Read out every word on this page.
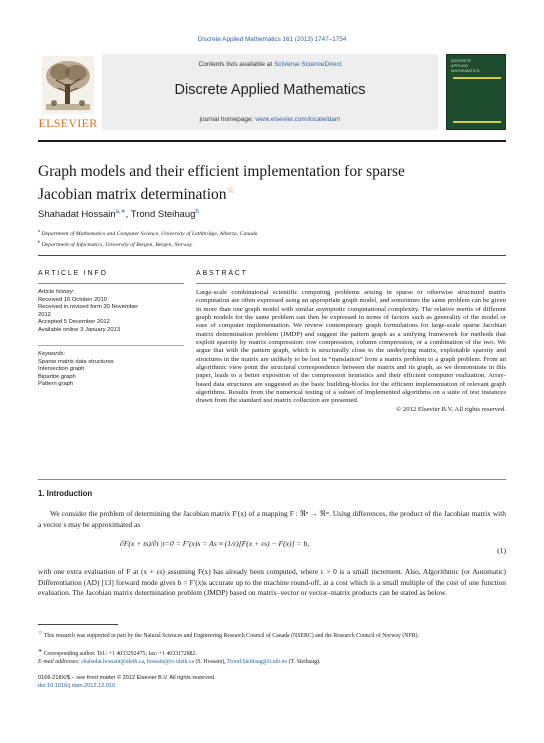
Discrete Applied Mathematics 161 (2013) 1747–1754
ELSEVIER
Contents lists available at SciVerse ScienceDirect
Discrete Applied Mathematics
journal homepage: www.elsevier.com/locate/dam
DISCRETE
APPLIED
MATHEMATICS
Graph models and their efficient implementation for sparse
Jacobian matrix determination☆
Shahadat Hossain$^{a,∗}$, Trond Steihaug$^b$
$^a$ Department of Mathematics and Computer Science, University of Lethbridge, Alberta, Canada
$^b$ Department of Informatics, University of Bergen, Bergen, Norway
ARTICLE INFO	ABSTRACT
Article history:
Received 16 October 2010
Received in revised form 30 November
2012
Accepted 5 December 2012
Available online 3 January 2013
Keywords:
Sparse matrix data structures
Intersection graph
Bipartite graph
Pattern graph
Large-scale combinatorial scientific computing problems arising in sparse or otherwise structured matrix computation are often expressed using an appropriate graph model, and sometimes the same problem can be given in more than one graph model with similar asymptotic computational complexity. The relative merits of different graph models for the same problem can then be expressed in terms of factors such as generality of the model or ease of computer implementation. We review contemporary graph formulations for large-scale sparse Jacobian matrix determination problem (JMDP) and suggest the pattern graph as a unifying framework for methods that exploit sparsity by matrix compression: row compression, column compression, or a combination of the two. We argue that with the pattern graph, which is structurally close to the underlying matrix, exploitable sparsity and structures in the matrix are unlikely to be lost in “translation” from a matrix problem to a graph problem. From an algorithmic view point the structural correspondence between the matrix and its graph, as we demonstrate in this paper, leads to a better exposition of the compression heuristics and their efficient computer realization. Array-based data structures are suggested as the basic building-blocks for the efficient implementation of relevant graph algorithms. Results from the numerical testing of a subset of implemented algorithms on a suite of test instances drawn from the standard test matrix collection are presented.
© 2012 Elsevier B.V. All rights reserved.
1. Introduction
We consider the problem of determining the Jacobian matrix F′(x) of a mapping F : ℜⁿ → ℜᵐ. Using differences, the product of the Jacobian matrix with a vector s may be approximated as
∂F(x + ts)/∂t |t=0 = F′(x)s = As ≈ (1/ε)[F(x + εs) − F(x)] = b,
(1)
with one extra evaluation of F at (x + εs) assuming F(x) has already been computed, where ε > 0 is a small increment. Also, Algorithmic (or Automatic) Differentiation (AD) [13] forward mode gives b = F′(x)s accurate up to the machine round-off, at a cost which is a small multiple of the cost of one function evaluation. The Jacobian matrix determination problem (JMDP) based on matrix–vector or vector–matrix products can be stated as below.
☆ This research was supported in part by the Natural Sciences and Engineering Research Council of Canada (NSERC) and the Research Council of Norway (NFR).
∗ Corresponding author. Tel.: +1 4033292475; fax: +1 4033172882.
E-mail addresses: shahadat.hossain@uleth.ca, hossain@cs.uleth.ca (S. Hossain), Trond.Steihaug@ii.uib.no (T. Steihaug).
0166-218X/$ – see front matter © 2012 Elsevier B.V. All rights reserved.
doi:10.1016/j.dam.2012.12.010
